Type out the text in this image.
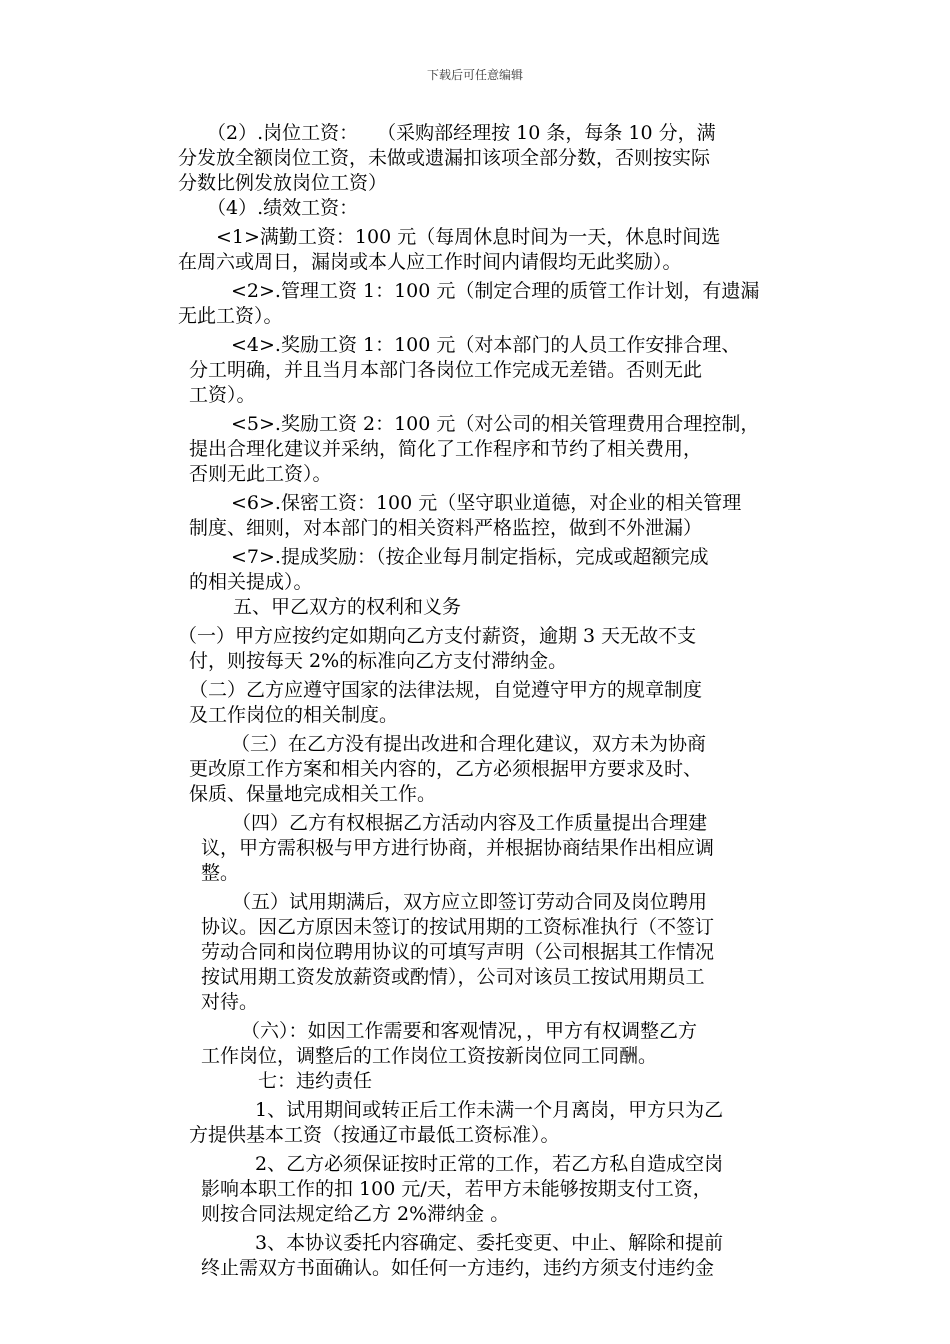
下载后可任意编辑
（2）.岗位工资：　　（采购部经理按 10 条，每条 10 分，满
分发放全额岗位工资，未做或遗漏扣该项全部分数，否则按实际
分数比例发放岗位工资）
（4）.绩效工资：
<1>满勤工资：100 元（每周休息时间为一天，休息时间选
在周六或周日，漏岗或本人应工作时间内请假均无此奖励）。
<2>.管理工资 1：100 元（制定合理的质管工作计划，有遗漏
无此工资）。
<4>.奖励工资 1：100 元（对本部门的人员工作安排合理、
分工明确，并且当月本部门各岗位工作完成无差错。否则无此
工资）。
<5>.奖励工资 2：100 元（对公司的相关管理费用合理控制，
提出合理化建议并采纳，简化了工作程序和节约了相关费用，
否则无此工资）。
<6>.保密工资：100 元（坚守职业道德，对企业的相关管理
制度、细则，对本部门的相关资料严格监控，做到不外泄漏）
<7>.提成奖励：（按企业每月制定指标，完成或超额完成
的相关提成）。
五、甲乙双方的权利和义务
（一）甲方应按约定如期向乙方支付薪资，逾期 3 天无故不支
付，则按每天 2%的标准向乙方支付滞纳金。
（二）乙方应遵守国家的法律法规，自觉遵守甲方的规章制度
及工作岗位的相关制度。
（三）在乙方没有提出改进和合理化建议，双方未为协商
更改原工作方案和相关内容的，乙方必须根据甲方要求及时、
保质、保量地完成相关工作。
（四）乙方有权根据乙方活动内容及工作质量提出合理建
议，甲方需积极与甲方进行协商，并根据协商结果作出相应调
整。
（五）试用期满后，双方应立即签订劳动合同及岗位聘用
协议。因乙方原因未签订的按试用期的工资标准执行（不签订
劳动合同和岗位聘用协议的可填写声明（公司根据其工作情况
按试用期工资发放薪资或酌情），公司对该员工按试用期员工
对待。
（六）：如因工作需要和客观情况，，甲方有权调整乙方
工作岗位，调整后的工作岗位工资按新岗位同工同酬。
七：违约责任
1、试用期间或转正后工作未满一个月离岗，甲方只为乙
方提供基本工资（按通辽市最低工资标准）。
2、乙方必须保证按时正常的工作，若乙方私自造成空岗
影响本职工作的扣 100 元/天，若甲方未能够按期支付工资，
则按合同法规定给乙方 2%滞纳金 。
3、本协议委托内容确定、委托变更、中止、解除和提前
终止需双方书面确认。如任何一方违约，违约方须支付违约金
